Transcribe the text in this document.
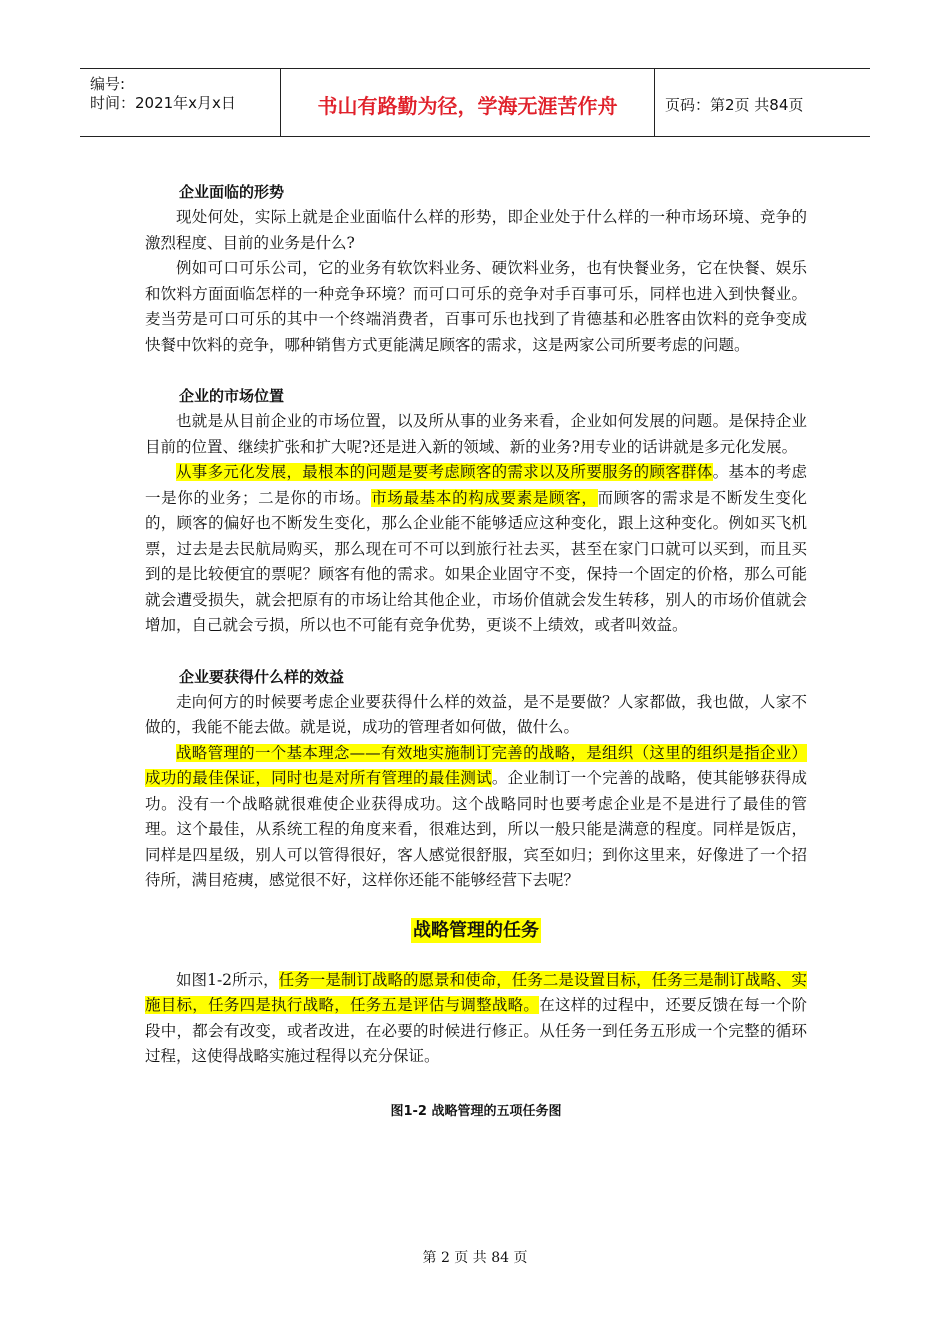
编号:
时间：2021年x月x日	书山有路勤为径，学海无涯苦作舟	页码：第2页 共84页
企业面临的形势

现处何处，实际上就是企业面临什么样的形势，即企业处于什么样的一种市场环境、竞争的激烈程度、目前的业务是什么?

例如可口可乐公司，它的业务有软饮料业务、硬饮料业务，也有快餐业务，它在快餐、娱乐和饮料方面面临怎样的一种竞争环境？而可口可乐的竞争对手百事可乐，同样也进入到快餐业。麦当劳是可口可乐的其中一个终端消费者，百事可乐也找到了肯德基和必胜客由饮料的竞争变成快餐中饮料的竞争，哪种销售方式更能满足顾客的需求，这是两家公司所要考虑的问题。

企业的市场位置

也就是从目前企业的市场位置，以及所从事的业务来看，企业如何发展的问题。是保持企业目前的位置、继续扩张和扩大呢?还是进入新的领域、新的业务?用专业的话讲就是多元化发展。

从事多元化发展，最根本的问题是要考虑顾客的需求以及所要服务的顾客群体。基本的考虑一是你的业务；二是你的市场。市场最基本的构成要素是顾客，而顾客的需求是不断发生变化的，顾客的偏好也不断发生变化，那么企业能不能够适应这种变化，跟上这种变化。例如买飞机票，过去是去民航局购买，那么现在可不可以到旅行社去买，甚至在家门口就可以买到，而且买到的是比较便宜的票呢？顾客有他的需求。如果企业固守不变，保持一个固定的价格，那么可能就会遭受损失，就会把原有的市场让给其他企业，市场价值就会发生转移，别人的市场价值就会增加，自己就会亏损，所以也不可能有竞争优势，更谈不上绩效，或者叫效益。

企业要获得什么样的效益

走向何方的时候要考虑企业要获得什么样的效益，是不是要做？人家都做，我也做，人家不做的，我能不能去做。就是说，成功的管理者如何做，做什么。

战略管理的一个基本理念——有效地实施制订完善的战略，是组织（这里的组织是指企业）成功的最佳保证，同时也是对所有管理的最佳测试。企业制订一个完善的战略，使其能够获得成功。没有一个战略就很难使企业获得成功。这个战略同时也要考虑企业是不是进行了最佳的管理。这个最佳，从系统工程的角度来看，很难达到，所以一般只能是满意的程度。同样是饭店，同样是四星级，别人可以管得很好，客人感觉很舒服，宾至如归；到你这里来，好像进了一个招待所，满目疮痍，感觉很不好，这样你还能不能够经营下去呢？

战略管理的任务

如图1-2所示，任务一是制订战略的愿景和使命，任务二是设置目标，任务三是制订战略、实施目标，任务四是执行战略，任务五是评估与调整战略。在这样的过程中，还要反馈在每一个阶段中，都会有改变，或者改进，在必要的时候进行修正。从任务一到任务五形成一个完整的循环过程，这使得战略实施过程得以充分保证。

图1-2 战略管理的五项任务图
第 2 页 共 84 页
